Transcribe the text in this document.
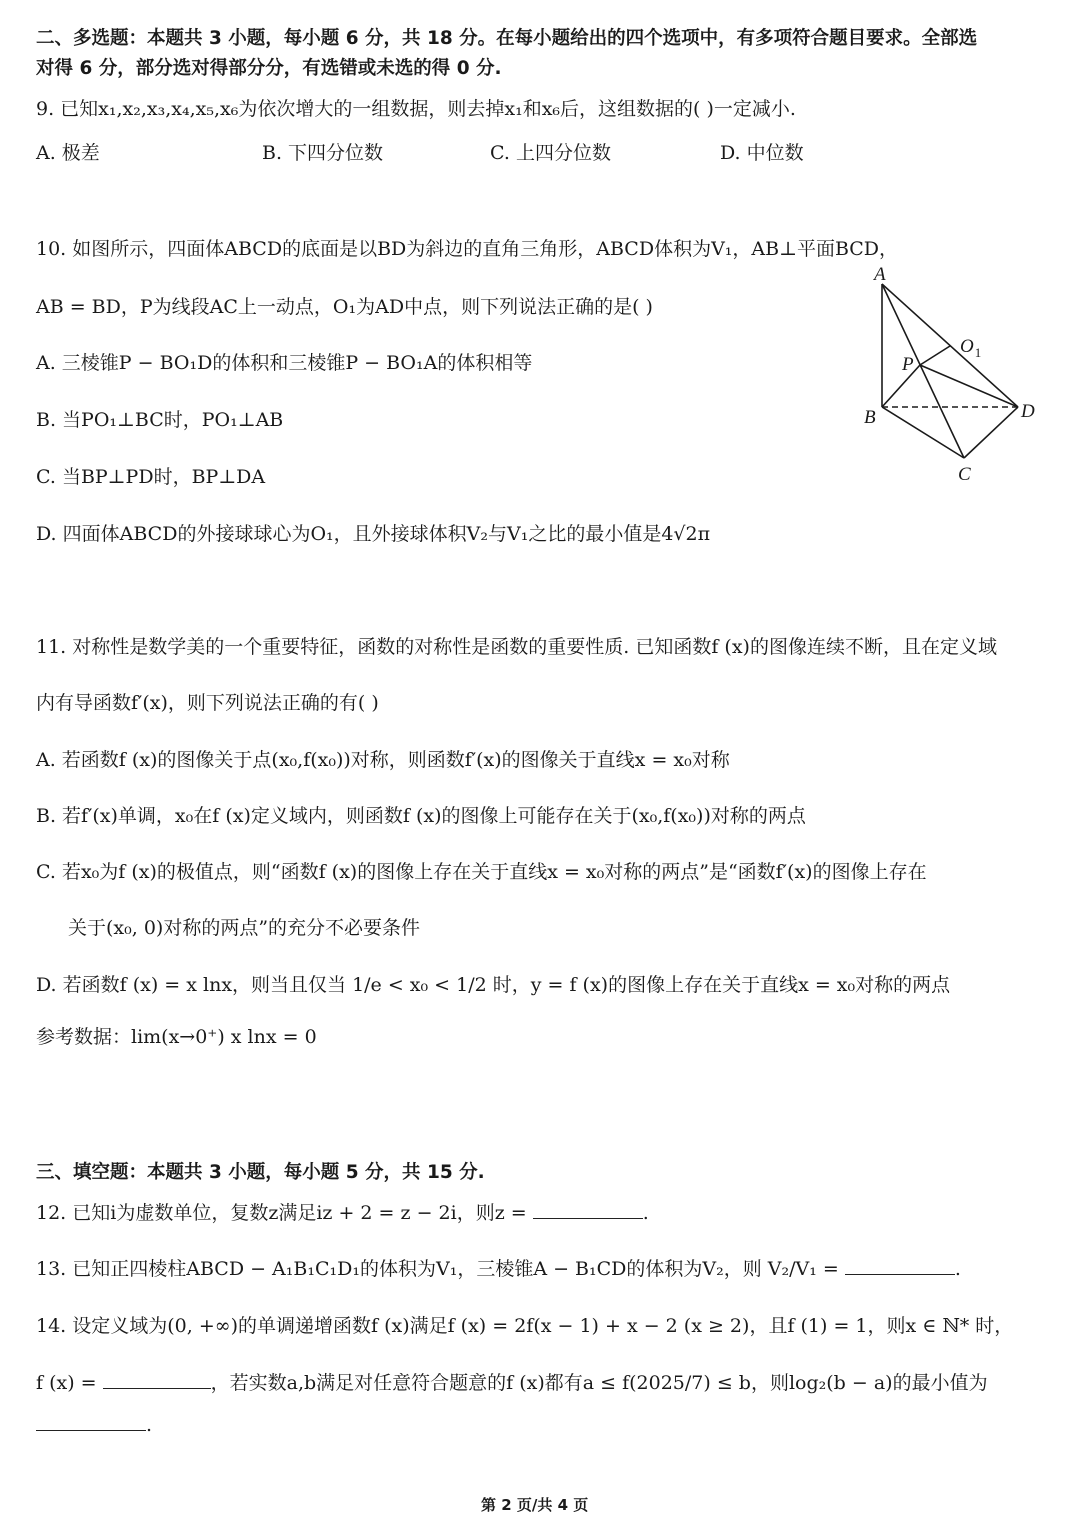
二、多选题：本题共 3 小题，每小题 6 分，共 18 分。在每小题给出的四个选项中，有多项符合题目要求。全部选
对得 6 分，部分选对得部分分，有选错或未选的得 0 分.
9. 已知x₁,x₂,x₃,x₄,x₅,x₆为依次增大的一组数据，则去掉x₁和x₆后，这组数据的( )一定减小.
A. 极差	B. 下四分位数	C. 上四分位数	D. 中位数
10. 如图所示，四面体ABCD的底面是以BD为斜边的直角三角形，ABCD体积为V₁，AB⊥平面BCD，
AB = BD，P为线段AC上一动点，O₁为AD中点，则下列说法正确的是( )
A. 三棱锥P − BO₁D的体积和三棱锥P − BO₁A的体积相等
B. 当PO₁⊥BC时，PO₁⊥AB
C. 当BP⊥PD时，BP⊥DA
D. 四面体ABCD的外接球球心为O₁，且外接球体积V₂与V₁之比的最小值是4√2π
A
$O_1$
P
B	D
C
11. 对称性是数学美的一个重要特征，函数的对称性是函数的重要性质. 已知函数f (x)的图像连续不断，且在定义域
内有导函数f′(x)，则下列说法正确的有( )
A. 若函数f (x)的图像关于点(x₀,f(x₀))对称，则函数f′(x)的图像关于直线x = x₀对称
B. 若f′(x)单调，x₀在f (x)定义域内，则函数f (x)的图像上可能存在关于(x₀,f(x₀))对称的两点
C. 若x₀为f (x)的极值点，则“函数f (x)的图像上存在关于直线x = x₀对称的两点”是“函数f′(x)的图像上存在
关于(x₀, 0)对称的两点”的充分不必要条件
D. 若函数f (x) = x lnx，则当且仅当 1/e < x₀ < 1/2 时，y = f (x)的图像上存在关于直线x = x₀对称的两点
参考数据：lim(x→0⁺) x lnx = 0
三、填空题：本题共 3 小题，每小题 5 分，共 15 分.
12. 已知i为虚数单位，复数z满足iz + 2 = z − 2i，则z =	.
13. 已知正四棱柱ABCD − A₁B₁C₁D₁的体积为V₁，三棱锥A − B₁CD的体积为V₂，则 V₂/V₁ =	.
14. 设定义域为(0, +∞)的单调递增函数f (x)满足f (x) = 2f(x − 1) + x − 2 (x ≥ 2)，且f (1) = 1，则x ∈ ℕ* 时，
f (x) =	，若实数a,b满足对任意符合题意的f (x)都有a ≤ f(2025/7) ≤ b，则log₂(b − a)的最小值为
.
第 2 页/共 4 页
